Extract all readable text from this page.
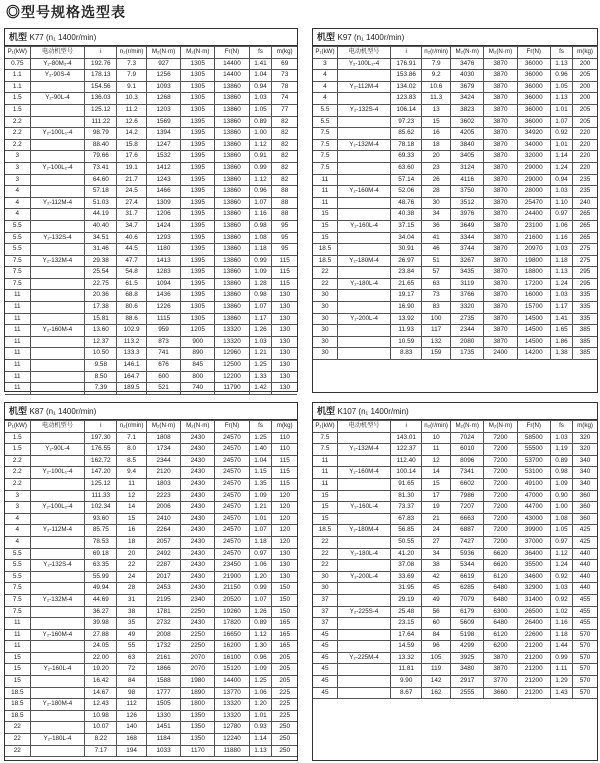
◎型号规格选型表
机型 K77 (n₁ 1400r/min)
P₁(kW)	电动机型号	i	n₂(r/min)	M₂(N·m)	M₂(N·m)	Fr(N)	fs	m(kg)
0.75	Y₂-80M₂-4	192.76	7.3	927	1305	14400	1.41	69
1.1	Y₂-90S-4	178.13	7.9	1256	1305	14400	1.04	73
1.1		154.56	9.1	1093	1305	13860	0.94	78
1.5	Y₂-90L-4	136.03	10.3	1268	1305	13860	1.03	74
1.5		125.12	11.2	1203	1305	13860	1.05	77
2.2		111.22	12.6	1569	1395	13860	0.89	82
2.2	Y₂-100L₁-4	98.79	14.2	1394	1395	13860	1.00	82
2.2		88.40	15.8	1247	1395	13860	1.12	82
3		79.66	17.6	1532	1395	13860	0.91	82
3	Y₂-100L₂-4	73.41	19.1	1412	1395	13860	0.99	82
3		64.60	21.7	1243	1395	13860	1.12	82
4		57.18	24.5	1466	1395	13860	0.96	88
4	Y₂-112M-4	51.03	27.4	1309	1395	13860	1.07	88
4		44.19	31.7	1206	1395	13860	1.16	88
5.5		40.40	34.7	1424	1395	13860	0.98	95
5.5	Y₂-132S-4	34.51	40.6	1293	1395	13860	1.08	95
5.5		31.46	44.5	1180	1395	13860	1.18	95
7.5	Y₂-132M-4	29.38	47.7	1413	1395	13860	0.99	115
7.5		25.54	54.8	1283	1395	13860	1.09	115
7.5		22.75	61.5	1094	1395	13860	1.28	115
11		20.36	68.8	1436	1395	13860	0.98	130
11		17.38	80.6	1226	1305	13860	1.07	130
11		15.81	88.6	1115	1305	13860	1.17	130
11	Y₂-160M-4	13.60	102.9	959	1205	13320	1.26	130
11		12.37	113.2	873	900	13320	1.03	130
11		10.50	133.3	741	890	12960	1.21	130
11		9.58	146.1	676	845	12500	1.25	130
11		8.50	164.7	600	800	12200	1.33	130
11		7.39	189.5	521	740	11790	1.42	130
机型 K97 (n₁ 1400r/min)
P₁(kW)	电动机型号	i	n₂(r/min)	M₂(N·m)	M₂(N·m)	Fr(N)	fs	m(kg)
3	Y₂-100L₂-4	176.91	7.9	3476	3870	36000	1.13	200
4		153.86	9.2	4030	3870	36000	0.96	205
4	Y₂-112M-4	134.02	10.6	3679	3870	36000	1.05	200
4		123.83	11.3	3424	3870	36000	1.13	200
5.5	Y₂-132S-4	106.14	13	3823	3870	36000	1.01	205
5.5		97.23	15	3602	3870	36000	1.07	205
7.5		85.62	16	4205	3870	34920	0.92	220
7.5	Y₂-132M-4	78.18	18	3840	3870	34000	1.01	220
7.5		69.33	20	3405	3870	32000	1.14	220
7.5		63.60	23	3124	3870	29000	1.24	220
11		57.14	26	4116	3870	29000	0.94	235
11	Y₂-160M-4	52.06	28	3750	3870	28000	1.03	235
11		48.76	30	3512	3870	25470	1.10	240
15		40.38	34	3976	3870	24400	0.97	265
15	Y₂-160L-4	37.15	36	3649	3870	23100	1.06	265
15		34.04	41	3344	3870	21600	1.16	265
18.5		30.91	46	3744	3870	20970	1.03	275
18.5	Y₂-180M-4	26.97	51	3267	3870	19800	1.18	275
22		23.84	57	3435	3870	18800	1.13	295
22	Y₂-180L-4	21.65	63	3119	3870	17200	1.24	295
30		19.17	73	3766	3870	16000	1.03	335
30		16.90	83	3320	3870	15700	1.17	335
30	Y₂-200L-4	13.92	100	2735	3870	14500	1.41	335
30		11.93	117	2344	3870	14500	1.65	385
30		10.59	132	2080	3870	14500	1.86	385
30		8.83	159	1735	2400	14200	1.38	385
机型 K87 (n₁ 1400r/min)
P₁(kW)	电动机型号	i	n₂(r/min)	M₂(N·m)	M₂(N·m)	Fr(N)	fs	m(kg)
1.5		197.30	7.1	1808	2430	24570	1.25	110
1.5	Y₂-90L-4	176.55	8.0	1734	2430	24570	1.40	110
2.2		162.72	8.5	2344	2430	24570	1.04	115
2.2	Y₂-100L₁-4	147.20	9.4	2120	2430	24570	1.15	115
2.2		125.12	11	1803	2430	24570	1.35	115
3		111.33	12	2223	2430	24570	1.09	120
3	Y₂-100L₂-4	102.34	14	2006	2430	24570	1.21	120
4		93.60	15	2410	2430	24570	1.01	120
4	Y₂-112M-4	85.75	16	2264	2430	24570	1.07	120
4		78.53	18	2057	2430	24570	1.18	120
5.5		69.18	20	2492	2430	24570	0.97	130
5.5	Y₂-132S-4	63.35	22	2287	2430	23450	1.06	130
5.5		55.99	24	2017	2430	21900	1.20	130
7.5		49.94	28	2453	2430	21150	0.99	150
7.5	Y₂-132M-4	44.69	31	2195	2340	20520	1.07	150
7.5		36.27	38	1781	2250	19260	1.26	150
11		39.98	35	2732	2430	17820	0.89	165
11	Y₂-160M-4	27.88	49	2008	2250	16650	1.12	165
11		24.05	55	1732	2250	16200	1.30	165
15		22.00	63	2161	2070	16100	0.96	205
15	Y₂-160L-4	19.20	72	1866	2070	15120	1.09	205
15		16.42	84	1588	1980	14400	1.25	205
18.5		14.67	98	1777	1890	13770	1.06	225
18.5	Y₂-180M-4	12.43	112	1505	1800	13320	1.20	225
18.5		10.98	126	1330	1350	13320	1.01	225
22		10.07	140	1451	1350	12780	0.93	250
22	Y₂-180L-4	8.22	168	1184	1350	12240	1.14	250
22		7.17	194	1033	1170	11880	1.13	250
机型 K107 (n₁ 1400r/min)
P₁(kW)	电动机型号	i	n₂(r/min)	M₂(N·m)	M₂(N·m)	Fr(N)	fs	m(kg)
7.5		143.01	10	7024	7200	58500	1.03	320
7.5	Y₂-132M-4	122.37	11	6010	7200	55500	1.19	320
11		112.40	12	8096	7200	53700	0.89	340
11	Y₂-160M-4	100.14	14	7341	7200	53100	0.98	340
11		91.65	15	6602	7200	49100	1.09	340
15		81.30	17	7986	7200	47000	0.90	360
15	Y₂-160L-4	73.37	19	7207	7200	44700	1.00	360
15		67.83	21	6663	7200	43000	1.08	360
18.5	Y₂-180M-4	56.85	24	6887	7200	39900	1.05	425
22		50.55	27	7427	7200	37000	0.97	425
22	Y₂-180L-4	41.20	34	5936	6620	36400	1.12	440
22		37.08	38	5344	6620	35500	1.24	440
30	Y₂-200L-4	33.69	42	6619	6120	34600	0.92	440
30		31.95	45	6285	6480	32900	1.03	440
37		29.19	49	7079	6480	31400	0.92	455
37	Y₂-225S-4	25.48	56	6179	6300	26500	1.02	455
37		23.15	60	5609	6480	26400	1.16	455
45		17.64	84	5198	6120	22600	1.18	570
45		14.59	96	4299	6200	21200	1.44	570
45	Y₂-225M-4	13.32	105	3925	3870	21200	0.99	570
45		11.81	119	3480	3870	21200	1.11	570
45		9.90	142	2917	3770	21200	1.29	570
45		8.67	162	2555	3660	21200	1.43	570
